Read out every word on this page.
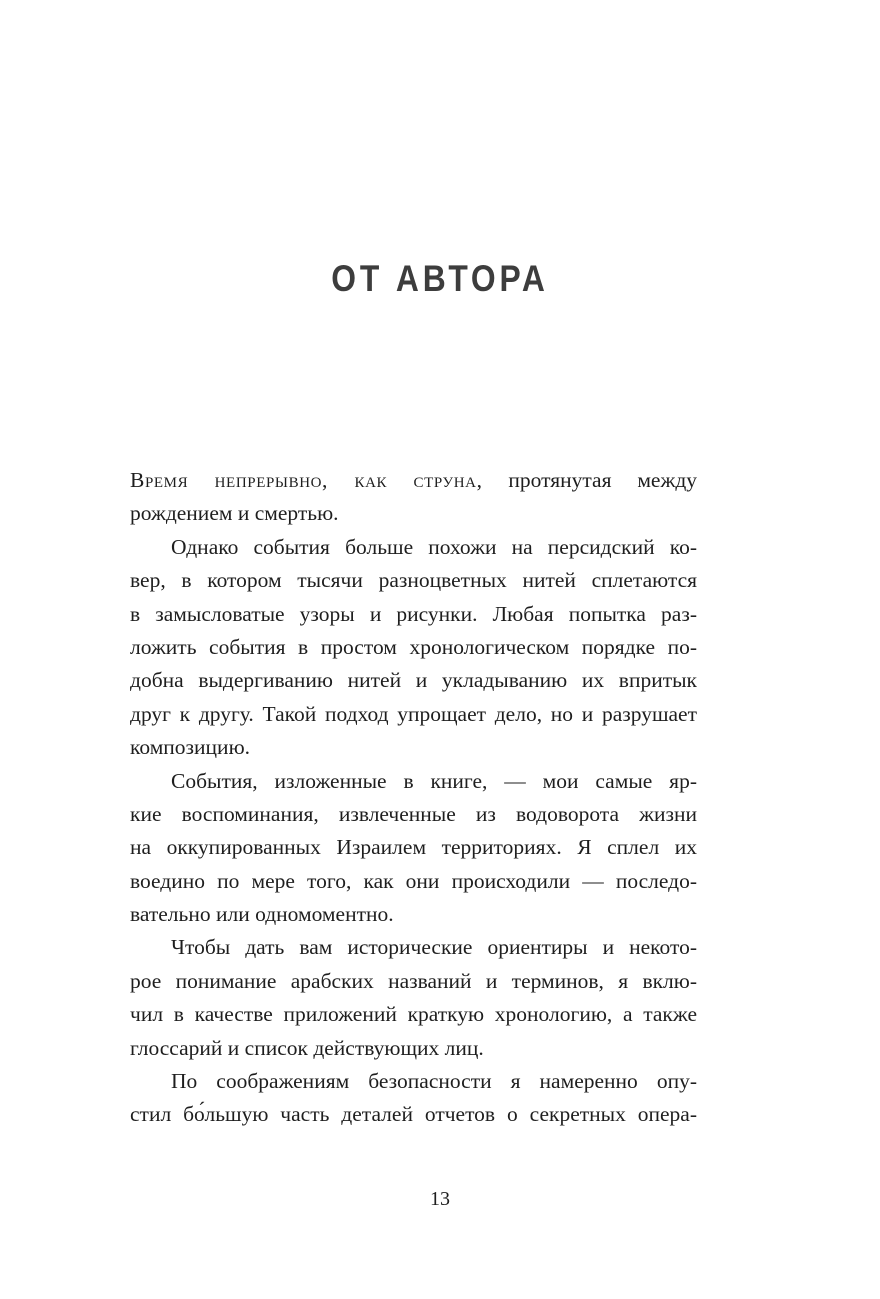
ОТ АВТОРА
Время непрерывно, как струна, протянутая между
рождением и смертью.
Однако события больше похожи на персидский ко-
вер, в котором тысячи разноцветных нитей сплетаются
в замысловатые узоры и рисунки. Любая попытка раз-
ложить события в простом хронологическом порядке по-
добна выдергиванию нитей и укладыванию их впритык
друг к другу. Такой подход упрощает дело, но и разрушает
композицию.
События, изложенные в книге, — мои самые яр-
кие воспоминания, извлеченные из водоворота жизни
на оккупированных Израилем территориях. Я сплел их
воедино по мере того, как они происходили — последо-
вательно или одномоментно.
Чтобы дать вам исторические ориентиры и некото-
рое понимание арабских названий и терминов, я вклю-
чил в качестве приложений краткую хронологию, а также
глоссарий и список действующих лиц.
По соображениям безопасности я намеренно опу-
стил бо́льшую часть деталей отчетов о секретных опера-
13
